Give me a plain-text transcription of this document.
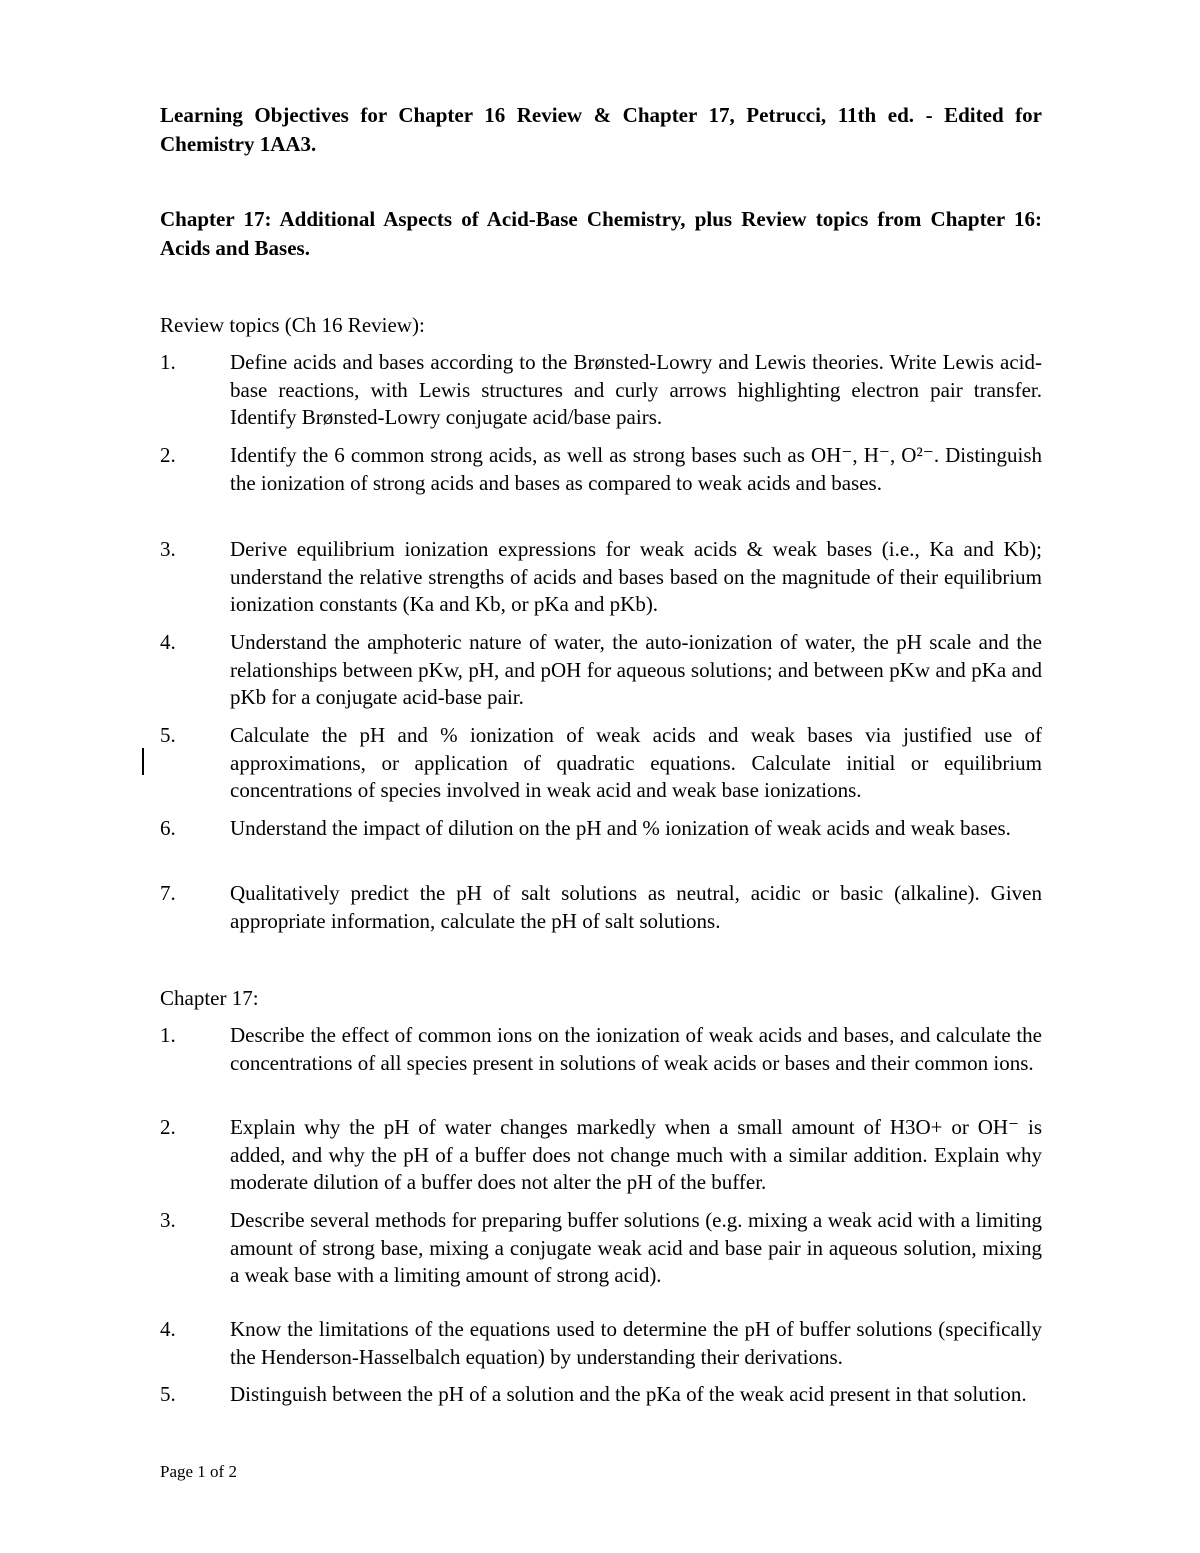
Learning Objectives for Chapter 16 Review & Chapter 17, Petrucci, 11th ed. - Edited for Chemistry 1AA3.
Chapter 17: Additional Aspects of Acid-Base Chemistry, plus Review topics from Chapter 16: Acids and Bases.
Review topics (Ch 16 Review):
1.	Define acids and bases according to the Brønsted-Lowry and Lewis theories. Write Lewis acid-base reactions, with Lewis structures and curly arrows highlighting electron pair transfer. Identify Brønsted-Lowry conjugate acid/base pairs.
2.	Identify the 6 common strong acids, as well as strong bases such as OH⁻, H⁻, O²⁻. Distinguish the ionization of strong acids and bases as compared to weak acids and bases.
3.	Derive equilibrium ionization expressions for weak acids & weak bases (i.e., Ka and Kb); understand the relative strengths of acids and bases based on the magnitude of their equilibrium ionization constants (Ka and Kb, or pKa and pKb).
4.	Understand the amphoteric nature of water, the auto-ionization of water, the pH scale and the relationships between pKw, pH, and pOH for aqueous solutions; and between pKw and pKa and pKb for a conjugate acid-base pair.
5.	Calculate the pH and % ionization of weak acids and weak bases via justified use of approximations, or application of quadratic equations. Calculate initial or equilibrium concentrations of species involved in weak acid and weak base ionizations.
6.	Understand the impact of dilution on the pH and % ionization of weak acids and weak bases.
7.	Qualitatively predict the pH of salt solutions as neutral, acidic or basic (alkaline). Given appropriate information, calculate the pH of salt solutions.
Chapter 17:
1.	Describe the effect of common ions on the ionization of weak acids and bases, and calculate the concentrations of all species present in solutions of weak acids or bases and their common ions.
2.	Explain why the pH of water changes markedly when a small amount of H3O+ or OH⁻ is added, and why the pH of a buffer does not change much with a similar addition. Explain why moderate dilution of a buffer does not alter the pH of the buffer.
3.	Describe several methods for preparing buffer solutions (e.g. mixing a weak acid with a limiting amount of strong base, mixing a conjugate weak acid and base pair in aqueous solution, mixing a weak base with a limiting amount of strong acid).
4.	Know the limitations of the equations used to determine the pH of buffer solutions (specifically the Henderson-Hasselbalch equation) by understanding their derivations.
5.	Distinguish between the pH of a solution and the pKa of the weak acid present in that solution.
Page 1 of 2
